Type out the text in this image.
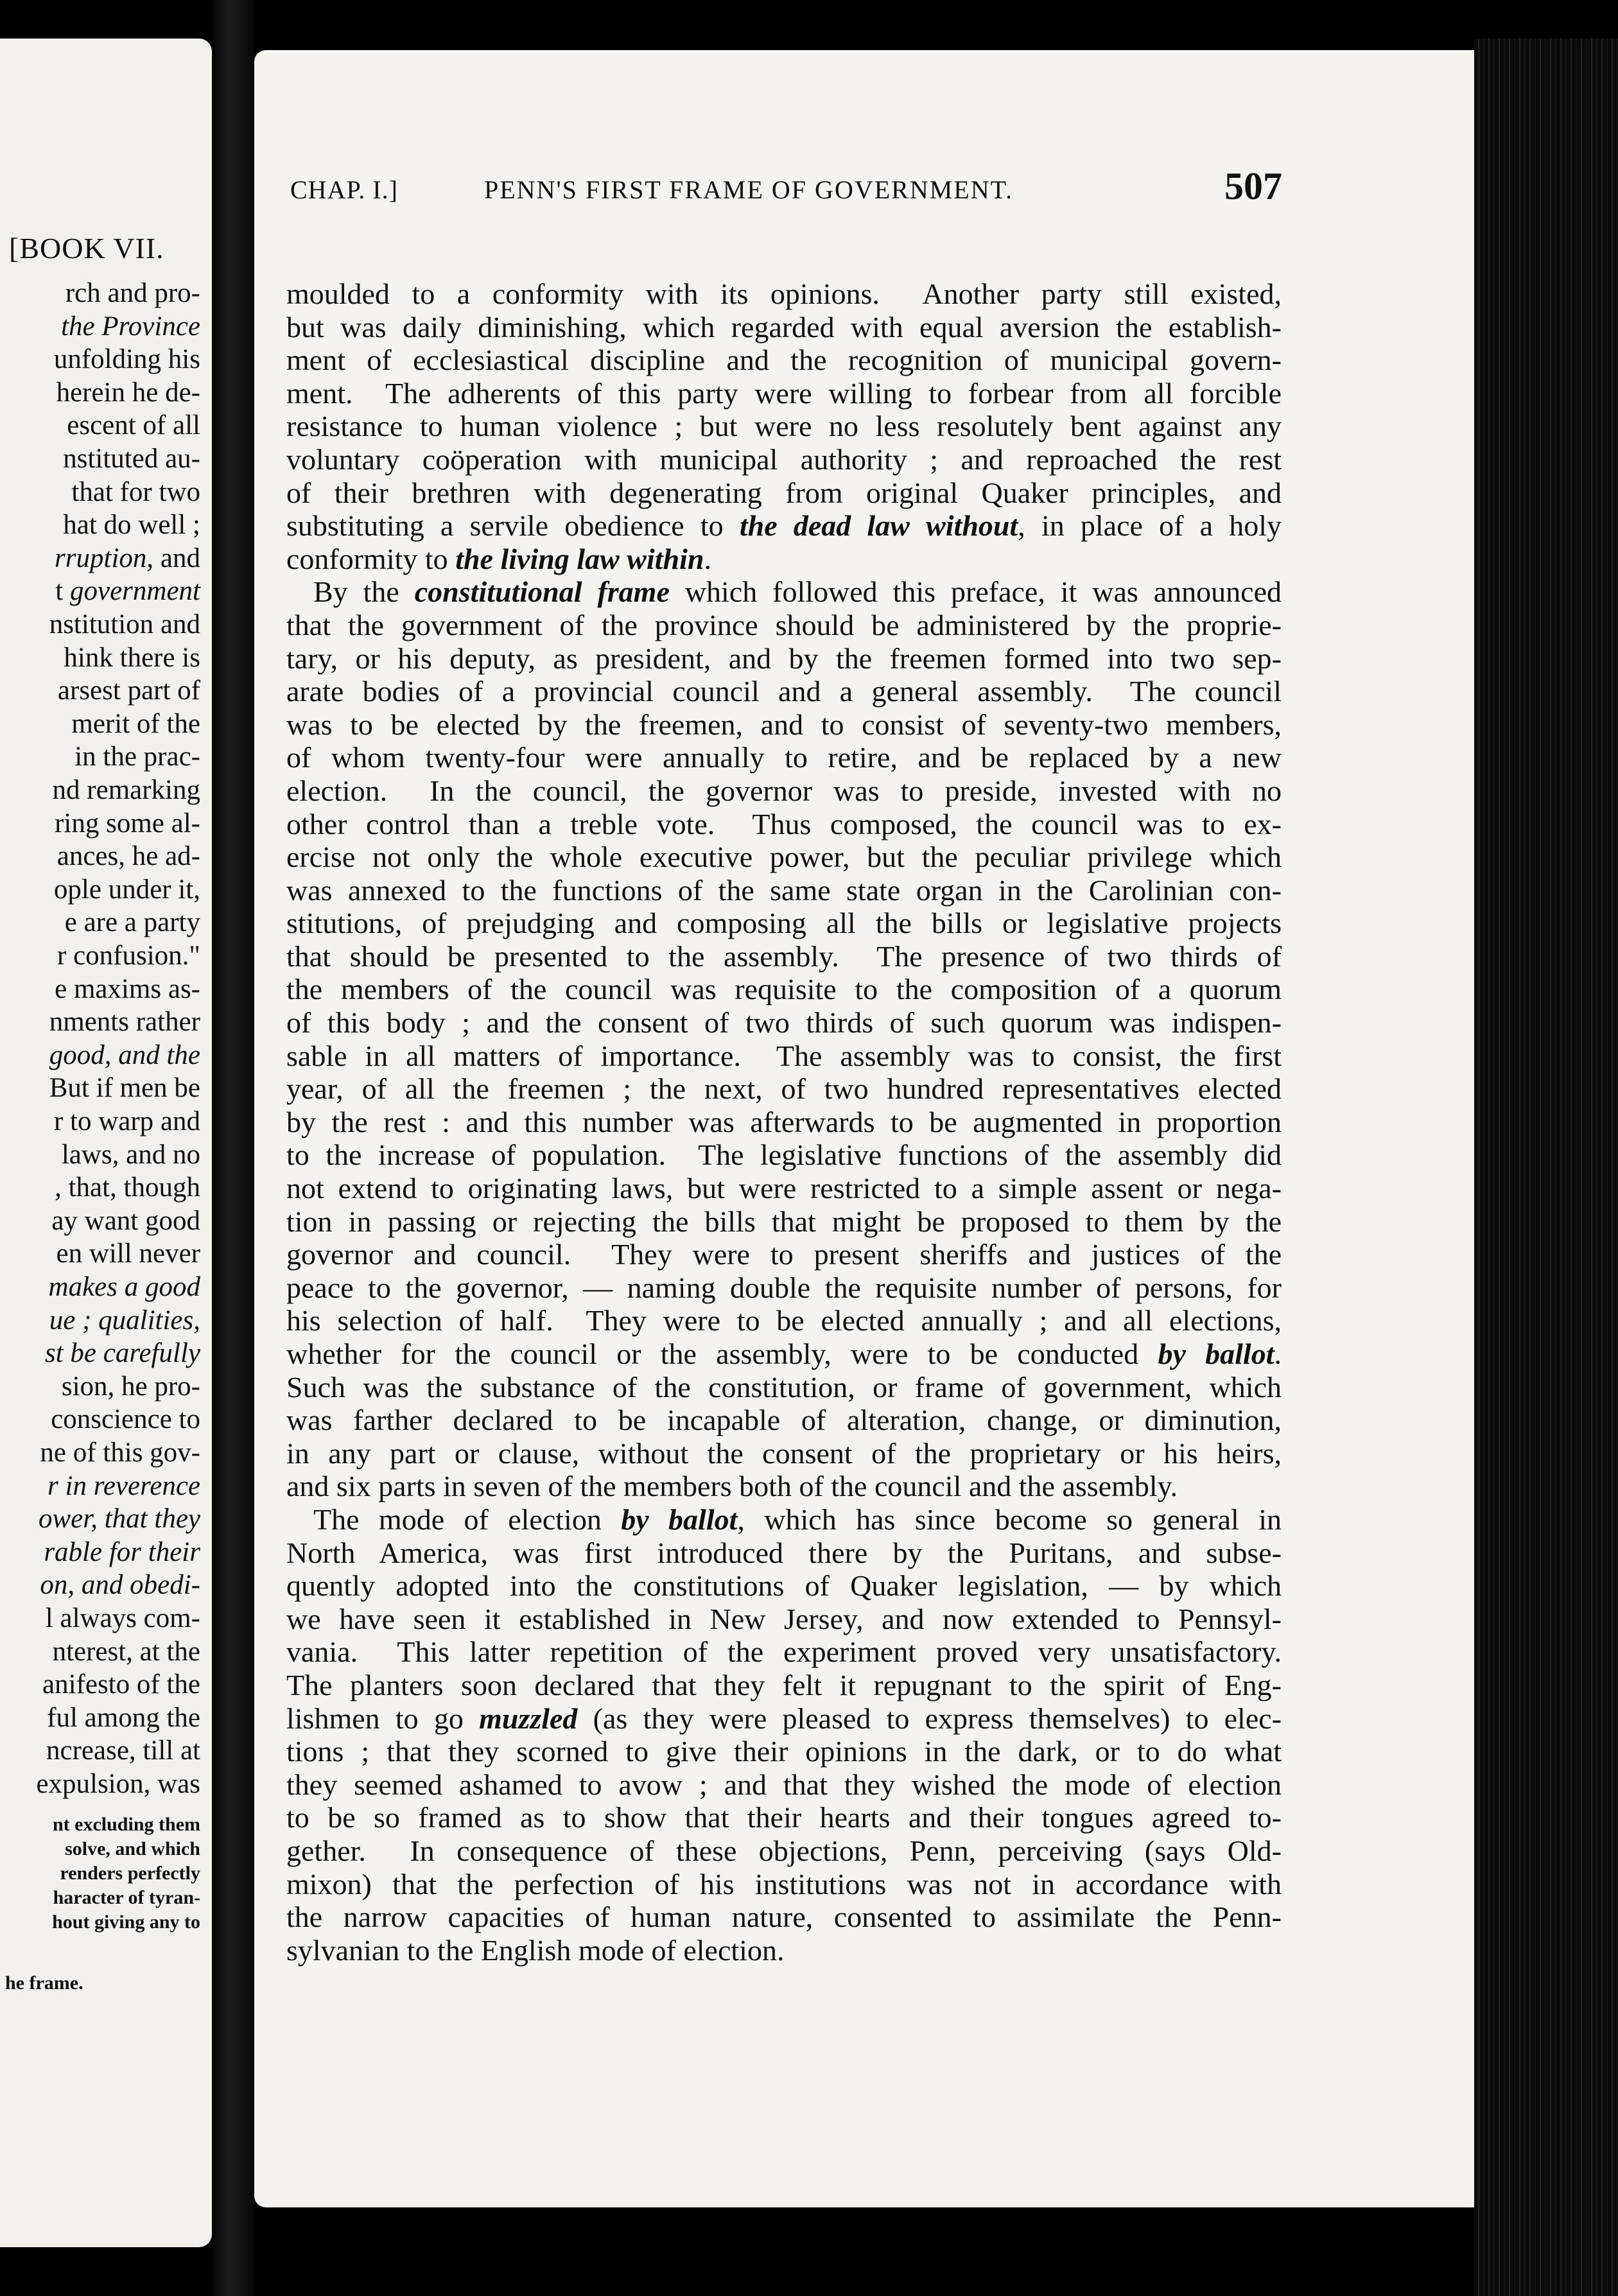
[BOOK VII.
rch and pro-
the Province
unfolding his
herein he de-
escent of all
nstituted au-
that for two
hat do well ;
rruption, and
t government
nstitution and
hink there is
arsest part of
merit of the
in the prac-
nd remarking
ring some al-
ances, he ad-
ople under it,
e are a party
r confusion."
e maxims as-
nments rather
good, and the
But if men be
r to warp and
laws, and no
, that, though
ay want good
en will never
makes a good
ue ; qualities,
st be carefully
sion, he pro-
conscience to
ne of this gov-
r in reverence
ower, that they
rable for their
on, and obedi-
l always com-
nterest, at the
anifesto of the
ful among the
ncrease, till at
expulsion, was
nt excluding them
solve, and which
renders perfectly
haracter of tyran-
hout giving any to
he frame.
CHAP. I.]	PENN'S FIRST FRAME OF GOVERNMENT.	507
moulded to a conformity with its opinions.  Another party still existed,
but was daily diminishing, which regarded with equal aversion the establish-
ment of ecclesiastical discipline and the recognition of municipal govern-
ment.  The adherents of this party were willing to forbear from all forcible
resistance to human violence ; but were no less resolutely bent against any
voluntary coöperation with municipal authority ; and reproached the rest
of their brethren with degenerating from original Quaker principles, and
substituting a servile obedience to the dead law without, in place of a holy
conformity to the living law within.
By the constitutional frame which followed this preface, it was announced
that the government of the province should be administered by the proprie-
tary, or his deputy, as president, and by the freemen formed into two sep-
arate bodies of a provincial council and a general assembly.  The council
was to be elected by the freemen, and to consist of seventy-two members,
of whom twenty-four were annually to retire, and be replaced by a new
election.  In the council, the governor was to preside, invested with no
other control than a treble vote.  Thus composed, the council was to ex-
ercise not only the whole executive power, but the peculiar privilege which
was annexed to the functions of the same state organ in the Carolinian con-
stitutions, of prejudging and composing all the bills or legislative projects
that should be presented to the assembly.  The presence of two thirds of
the members of the council was requisite to the composition of a quorum
of this body ; and the consent of two thirds of such quorum was indispen-
sable in all matters of importance.  The assembly was to consist, the first
year, of all the freemen ; the next, of two hundred representatives elected
by the rest : and this number was afterwards to be augmented in proportion
to the increase of population.  The legislative functions of the assembly did
not extend to originating laws, but were restricted to a simple assent or nega-
tion in passing or rejecting the bills that might be proposed to them by the
governor and council.  They were to present sheriffs and justices of the
peace to the governor, — naming double the requisite number of persons, for
his selection of half.  They were to be elected annually ; and all elections,
whether for the council or the assembly, were to be conducted by ballot.
Such was the substance of the constitution, or frame of government, which
was farther declared to be incapable of alteration, change, or diminution,
in any part or clause, without the consent of the proprietary or his heirs,
and six parts in seven of the members both of the council and the assembly.
The mode of election by ballot, which has since become so general in
North America, was first introduced there by the Puritans, and subse-
quently adopted into the constitutions of Quaker legislation, — by which
we have seen it established in New Jersey, and now extended to Pennsyl-
vania.  This latter repetition of the experiment proved very unsatisfactory.
The planters soon declared that they felt it repugnant to the spirit of Eng-
lishmen to go muzzled (as they were pleased to express themselves) to elec-
tions ; that they scorned to give their opinions in the dark, or to do what
they seemed ashamed to avow ; and that they wished the mode of election
to be so framed as to show that their hearts and their tongues agreed to-
gether.  In consequence of these objections, Penn, perceiving (says Old-
mixon) that the perfection of his institutions was not in accordance with
the narrow capacities of human nature, consented to assimilate the Penn-
sylvanian to the English mode of election.
